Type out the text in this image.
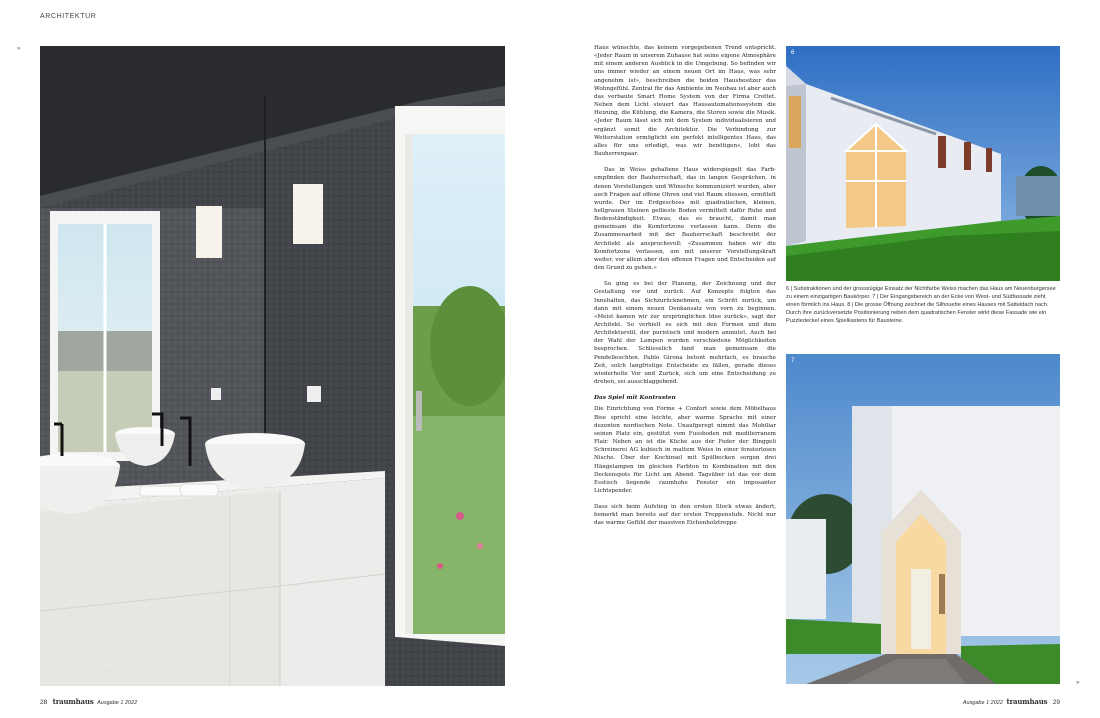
ARCHITEKTUR
»
»
Durch die Plättelung von Boden, Wänden und Decke erscheint das Badezimmer wie ein Hammam, der für Erholungsmomente sorgt.

Haus wünschte, das keinem vorgegebenen Trend entspricht. «Jeder Raum in unserem Zuhause hat seine eigene Atmosphäre mit einem anderen Ausblick in die Umgebung. So befinden wir uns immer wieder an einem neuen Ort im Haus, was sehr angenehm ist», beschreiben die beiden Hausbesitzer das Wohngefühl. Zentral für das Ambiente im Neubau ist aber auch das verbaute Smart Home System von der Firma Crottet. Neben dem Licht steuert das Hausautomationssystem die Heizung, die Kühlung, die Kamera, die Storen sowie die Musik. «Jeder Raum lässt sich mit dem System individualisieren und ergänzt somit die Architektur. Die Verbindung zur Wetterstation ermöglicht ein perfekt intelligentes Haus, das alles für uns erledigt, was wir benötigen», lobt das Bauherrenpaar.

Das in Weiss gehaltene Haus widerspiegelt das Farbempfinden der Bauherrschaft, das in langen Gesprächen, in denen Vorstellungen und Wünsche kommuniziert wurden, aber auch Fragen auf offene Ohren und viel Raum stiessen, ermittelt wurde. Der im Erdgeschoss mit quadratischen, kleinen, hellgrauen Steinen geflieste Boden vermittelt dafür Ruhe und Bodenständigkeit. Etwas, das es braucht, damit man gemeinsam die Komfortzone verlassen kann. Denn die Zusammenarbeit mit der Bauherrschaft beschreibt der Architekt als anspruchsvoll: «Zusammen haben wir die Komfortzone verlassen, um mit unserer Vorstellungskraft weiter, vor allem aber den offenen Fragen und Entscheiden auf den Grund zu gehen.»

So ging es bei der Planung, der Zeichnung und der Gestaltung vor und zurück. Auf Konzepte folgten das Innehalten, das Sichzurücknehmen, ein Schritt zurück, um dann mit einem neuen Denkansatz von vorn zu beginnen. «Meist kamen wir zur ursprünglichen Idee zurück», sagt der Architekt. So verhielt es sich mit den Formen und dem Architekturstil, der puristisch und modern anmutet. Auch bei der Wahl der Lampen wurden verschiedene Möglichkeiten besprochen. Schliesslich fand man gemeinsam die Pendelleuchten. Pablo Girona betont mehrfach, es brauche Zeit, solch langfristige Entscheide zu fällen, gerade dieses wiederholte Vor und Zurück, sich um eine Entscheidung zu drehen, sei ausschlaggebend.

Das Spiel mit Kontrasten

Die Einrichtung von Forme + Confort sowie dem Möbelhaus Bise spricht eine leichte, aber warme Sprache mit einer dezenten nordischen Note. Unaufgeregt nimmt das Mobiliar seinen Platz ein, gestützt vom Fussboden mit mediterranem Flair. Neben an ist die Küche aus der Feder der Binggeli Schreinerei AG kubisch in mattem Weiss in einer fensterlosen Nische. Über der Kochinsel mit Spülbecken sorgen drei Hängelampen im gleichen Farbton in Kombination mit den Deckenspots für Licht am Abend. Tagsüber ist das vor dem Esstisch liegende raumhohe Fenster ein imposanter Lichtspender.

Dass sich beim Aufstieg in den ersten Stock etwas ändert, bemerkt man bereits auf der ersten Treppenstufe. Nicht nur das warme Gefühl der massiven Eichenholztreppe

6
6 | Substraktionen und der grosszügige Einsatz der Nichtfarbe Weiss machen das Haus am Neuenburgersee zu einem einzigartigen Baukörper. 7 | Der Eingangsbereich an der Ecke von West- und Südfassade zieht einen förmlich ins Haus. 8 | Die grosse Öffnung zeichnet die Silhouette eines Hauses mit Satteldach nach. Durch ihre zurückversetzte Positionierung neben dem quadratischen Fenster wirkt diese Fassade wie ein Puzzledeckel eines Spielkastens für Bausteine.
7
28 traumhaus Ausgabe 1 2022	Ausgabe 1 2022 traumhaus 29
